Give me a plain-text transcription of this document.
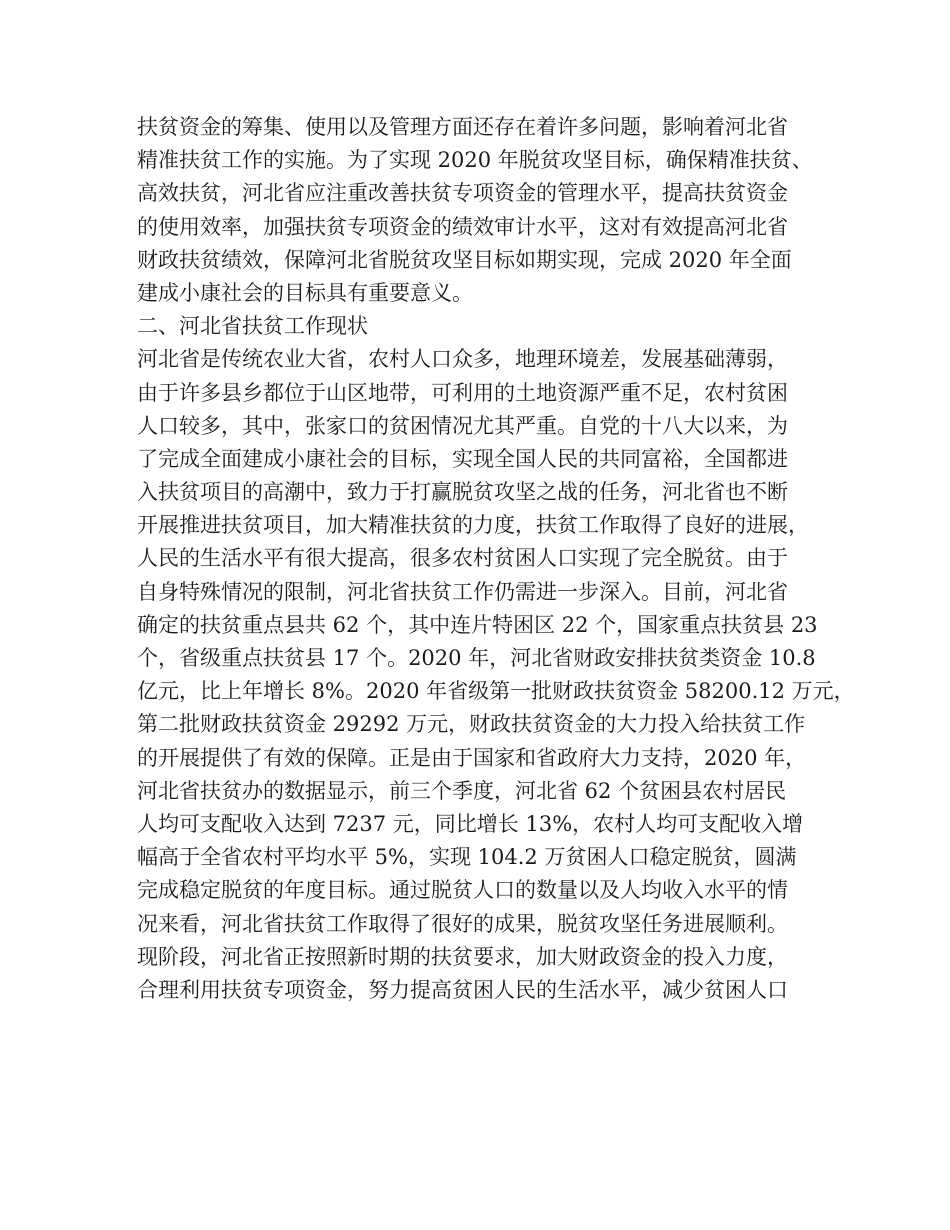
扶贫资金的筹集、使用以及管理方面还存在着许多问题，影响着河北省
精准扶贫工作的实施。为了实现 2020 年脱贫攻坚目标，确保精准扶贫、
高效扶贫，河北省应注重改善扶贫专项资金的管理水平，提高扶贫资金
的使用效率，加强扶贫专项资金的绩效审计水平，这对有效提高河北省
财政扶贫绩效，保障河北省脱贫攻坚目标如期实现，完成 2020 年全面
建成小康社会的目标具有重要意义。
二、河北省扶贫工作现状
河北省是传统农业大省，农村人口众多，地理环境差，发展基础薄弱，
由于许多县乡都位于山区地带，可利用的土地资源严重不足，农村贫困
人口较多，其中，张家口的贫困情况尤其严重。自党的十八大以来，为
了完成全面建成小康社会的目标，实现全国人民的共同富裕，全国都进
入扶贫项目的高潮中，致力于打赢脱贫攻坚之战的任务，河北省也不断
开展推进扶贫项目，加大精准扶贫的力度，扶贫工作取得了良好的进展，
人民的生活水平有很大提高，很多农村贫困人口实现了完全脱贫。由于
自身特殊情况的限制，河北省扶贫工作仍需进一步深入。目前，河北省
确定的扶贫重点县共 62 个，其中连片特困区 22 个，国家重点扶贫县 23
个，省级重点扶贫县 17 个。2020 年，河北省财政安排扶贫类资金 10.8
亿元，比上年增长 8%。2020 年省级第一批财政扶贫资金 58200.12 万元，
第二批财政扶贫资金 29292 万元，财政扶贫资金的大力投入给扶贫工作
的开展提供了有效的保障。正是由于国家和省政府大力支持，2020 年，
河北省扶贫办的数据显示，前三个季度，河北省 62 个贫困县农村居民
人均可支配收入达到 7237 元，同比增长 13%，农村人均可支配收入增
幅高于全省农村平均水平 5%，实现 104.2 万贫困人口稳定脱贫，圆满
完成稳定脱贫的年度目标。通过脱贫人口的数量以及人均收入水平的情
况来看，河北省扶贫工作取得了很好的成果，脱贫攻坚任务进展顺利。
现阶段，河北省正按照新时期的扶贫要求，加大财政资金的投入力度，
合理利用扶贫专项资金，努力提高贫困人民的生活水平，减少贫困人口
